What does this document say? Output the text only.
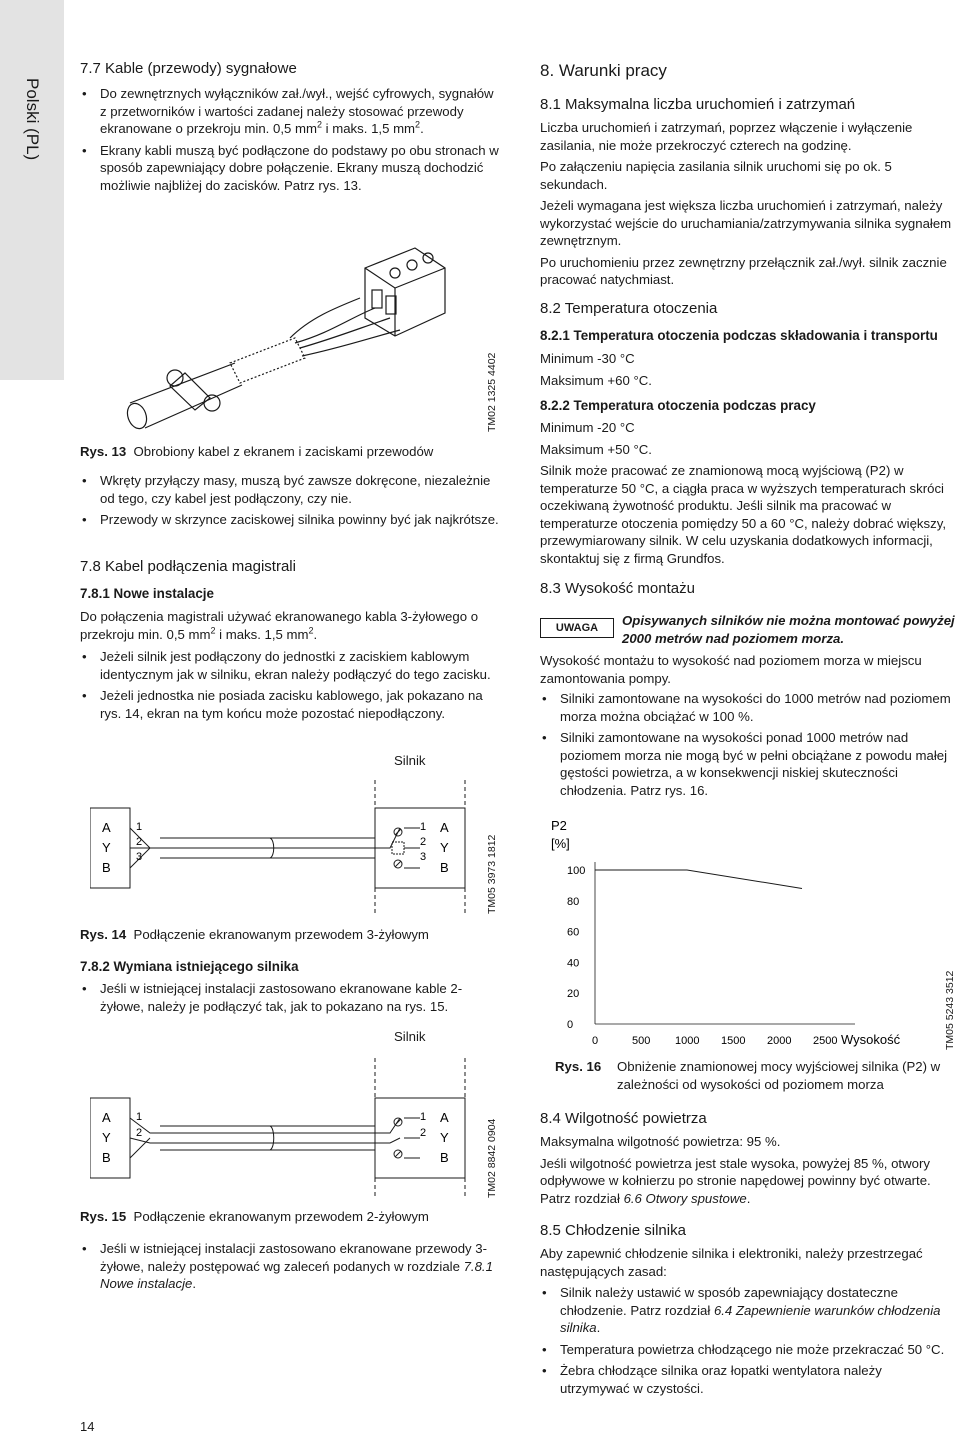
Polski (PL)
7.7 Kable (przewody) sygnałowe
• Do zewnętrznych wyłączników zał./wył., wejść cyfrowych, sygnałów z przetworników i wartości zadanej należy stosować przewody ekranowane o przekroju min. 0,5 $mm^2$ i maks. 1,5 $mm^2$.
• Ekrany kabli muszą być podłączone do podstawy po obu stronach w sposób zapewniający dobre połączenie. Ekrany muszą dochodzić możliwie najbliżej do zacisków. Patrz rys. 13.
TM02 1325 4402
Rys. 13 Obrobiony kabel z ekranem i zaciskami przewodów
• Wkręty przyłączy masy, muszą być zawsze dokręcone, niezależnie od tego, czy kabel jest podłączony, czy nie.
• Przewody w skrzynce zaciskowej silnika powinny być jak najkrótsze.
7.8 Kabel podłączenia magistrali
7.8.1 Nowe instalacje
Do połączenia magistrali używać ekranowanego kabla 3-żyłowego o przekroju min. 0,5 $mm^2$ i maks. 1,5 $mm^2$.
• Jeżeli silnik jest podłączony do jednostki z zaciskiem kablowym identycznym jak w silniku, ekran należy podłączyć do tego zacisku.
• Jeżeli jednostka nie posiada zacisku kablowego, jak pokazano na rys. 14, ekran na tym końcu może pozostać niepodłączony.
Silnik
A
Y
B
1
2
3
1
2
3
A
Y
B	TM05 3973 1812
Rys. 14 Podłączenie ekranowanym przewodem 3-żyłowym
7.8.2 Wymiana istniejącego silnika
• Jeśli w istniejącej instalacji zastosowano ekranowane kable 2-żyłowe, należy je podłączyć tak, jak to pokazano na rys. 15.
Silnik
A
Y
B
1
2
1
2
A
Y
B	TM02 8842 0904
Rys. 15 Podłączenie ekranowanym przewodem 2-żyłowym
• Jeśli w istniejącej instalacji zastosowano ekranowane przewody 3-żyłowe, należy postępować wg zaleceń podanych w rozdziale 7.8.1 Nowe instalacje.
14
8. Warunki pracy
8.1 Maksymalna liczba uruchomień i zatrzymań

Liczba uruchomień i zatrzymań, poprzez włączenie i wyłączenie zasilania, nie może przekroczyć czterech na godzinę.

Po załączeniu napięcia zasilania silnik uruchomi się po ok. 5 sekundach.

Jeżeli wymagana jest większa liczba uruchomień i zatrzymań, należy wykorzystać wejście do uruchamiania/zatrzymywania silnika sygnałem zewnętrznym.

Po uruchomieniu przez zewnętrzny przełącznik zał./wył. silnik zacznie pracować natychmiast.

8.2 Temperatura otoczenia
8.2.1 Temperatura otoczenia podczas składowania i transportu

Minimum -30 °C

Maksimum +60 °C.

8.2.2 Temperatura otoczenia podczas pracy

Minimum -20 °C

Maksimum +50 °C.

Silnik może pracować ze znamionową mocą wyjściową (P2) w temperaturze 50 °C, a ciągła praca w wyższych temperaturach skróci oczekiwaną żywotność produktu. Jeśli silnik ma pracować w temperaturze otoczenia pomiędzy 50 a 60 °C, należy dobrać większy, przewymiarowany silnik. W celu uzyskania dodatkowych informacji, skontaktuj się z firmą Grundfos.

8.3 Wysokość montażu
UWAGA	Opisywanych silników nie można montować powyżej 2000 metrów nad poziomem morza.
Wysokość montażu to wysokość nad poziomem morza w miejscu zamontowania pompy.
• Silniki zamontowane na wysokości do 1000 metrów nad poziomem morza można obciążać w 100 %.
• Silniki zamontowane na wysokości ponad 1000 metrów nad poziomem morza nie mogą być w pełni obciążane z powodu małej gęstości powietrza, a w konsekwencji niskiej skuteczności chłodzenia. Patrz rys. 16.
P2
[%]
0
20
40
60
80
100
0	500 1000 1500 2000 2500 Wysokość	TM05 5243 3512
Rys. 16 Obniżenie znamionowej mocy wyjściowej silnika (P2) w zależności od wysokości od poziomem morza
8.4 Wilgotność powietrza

Maksymalna wilgotność powietrza: 95 %.

Jeśli wilgotność powietrza jest stale wysoka, powyżej 85 %, otwory odpływowe w kołnierzu po stronie napędowej powinny być otwarte. Patrz rozdział 6.6 Otwory spustowe.

8.5 Chłodzenie silnika
Aby zapewnić chłodzenie silnika i elektroniki, należy przestrzegać następujących zasad:
• Silnik należy ustawić w sposób zapewniający dostateczne chłodzenie. Patrz rozdział 6.4 Zapewnienie warunków chłodzenia silnika.
• Temperatura powietrza chłodzącego nie może przekraczać 50 °C.
• Żebra chłodzące silnika oraz łopatki wentylatora należy utrzymywać w czystości.
